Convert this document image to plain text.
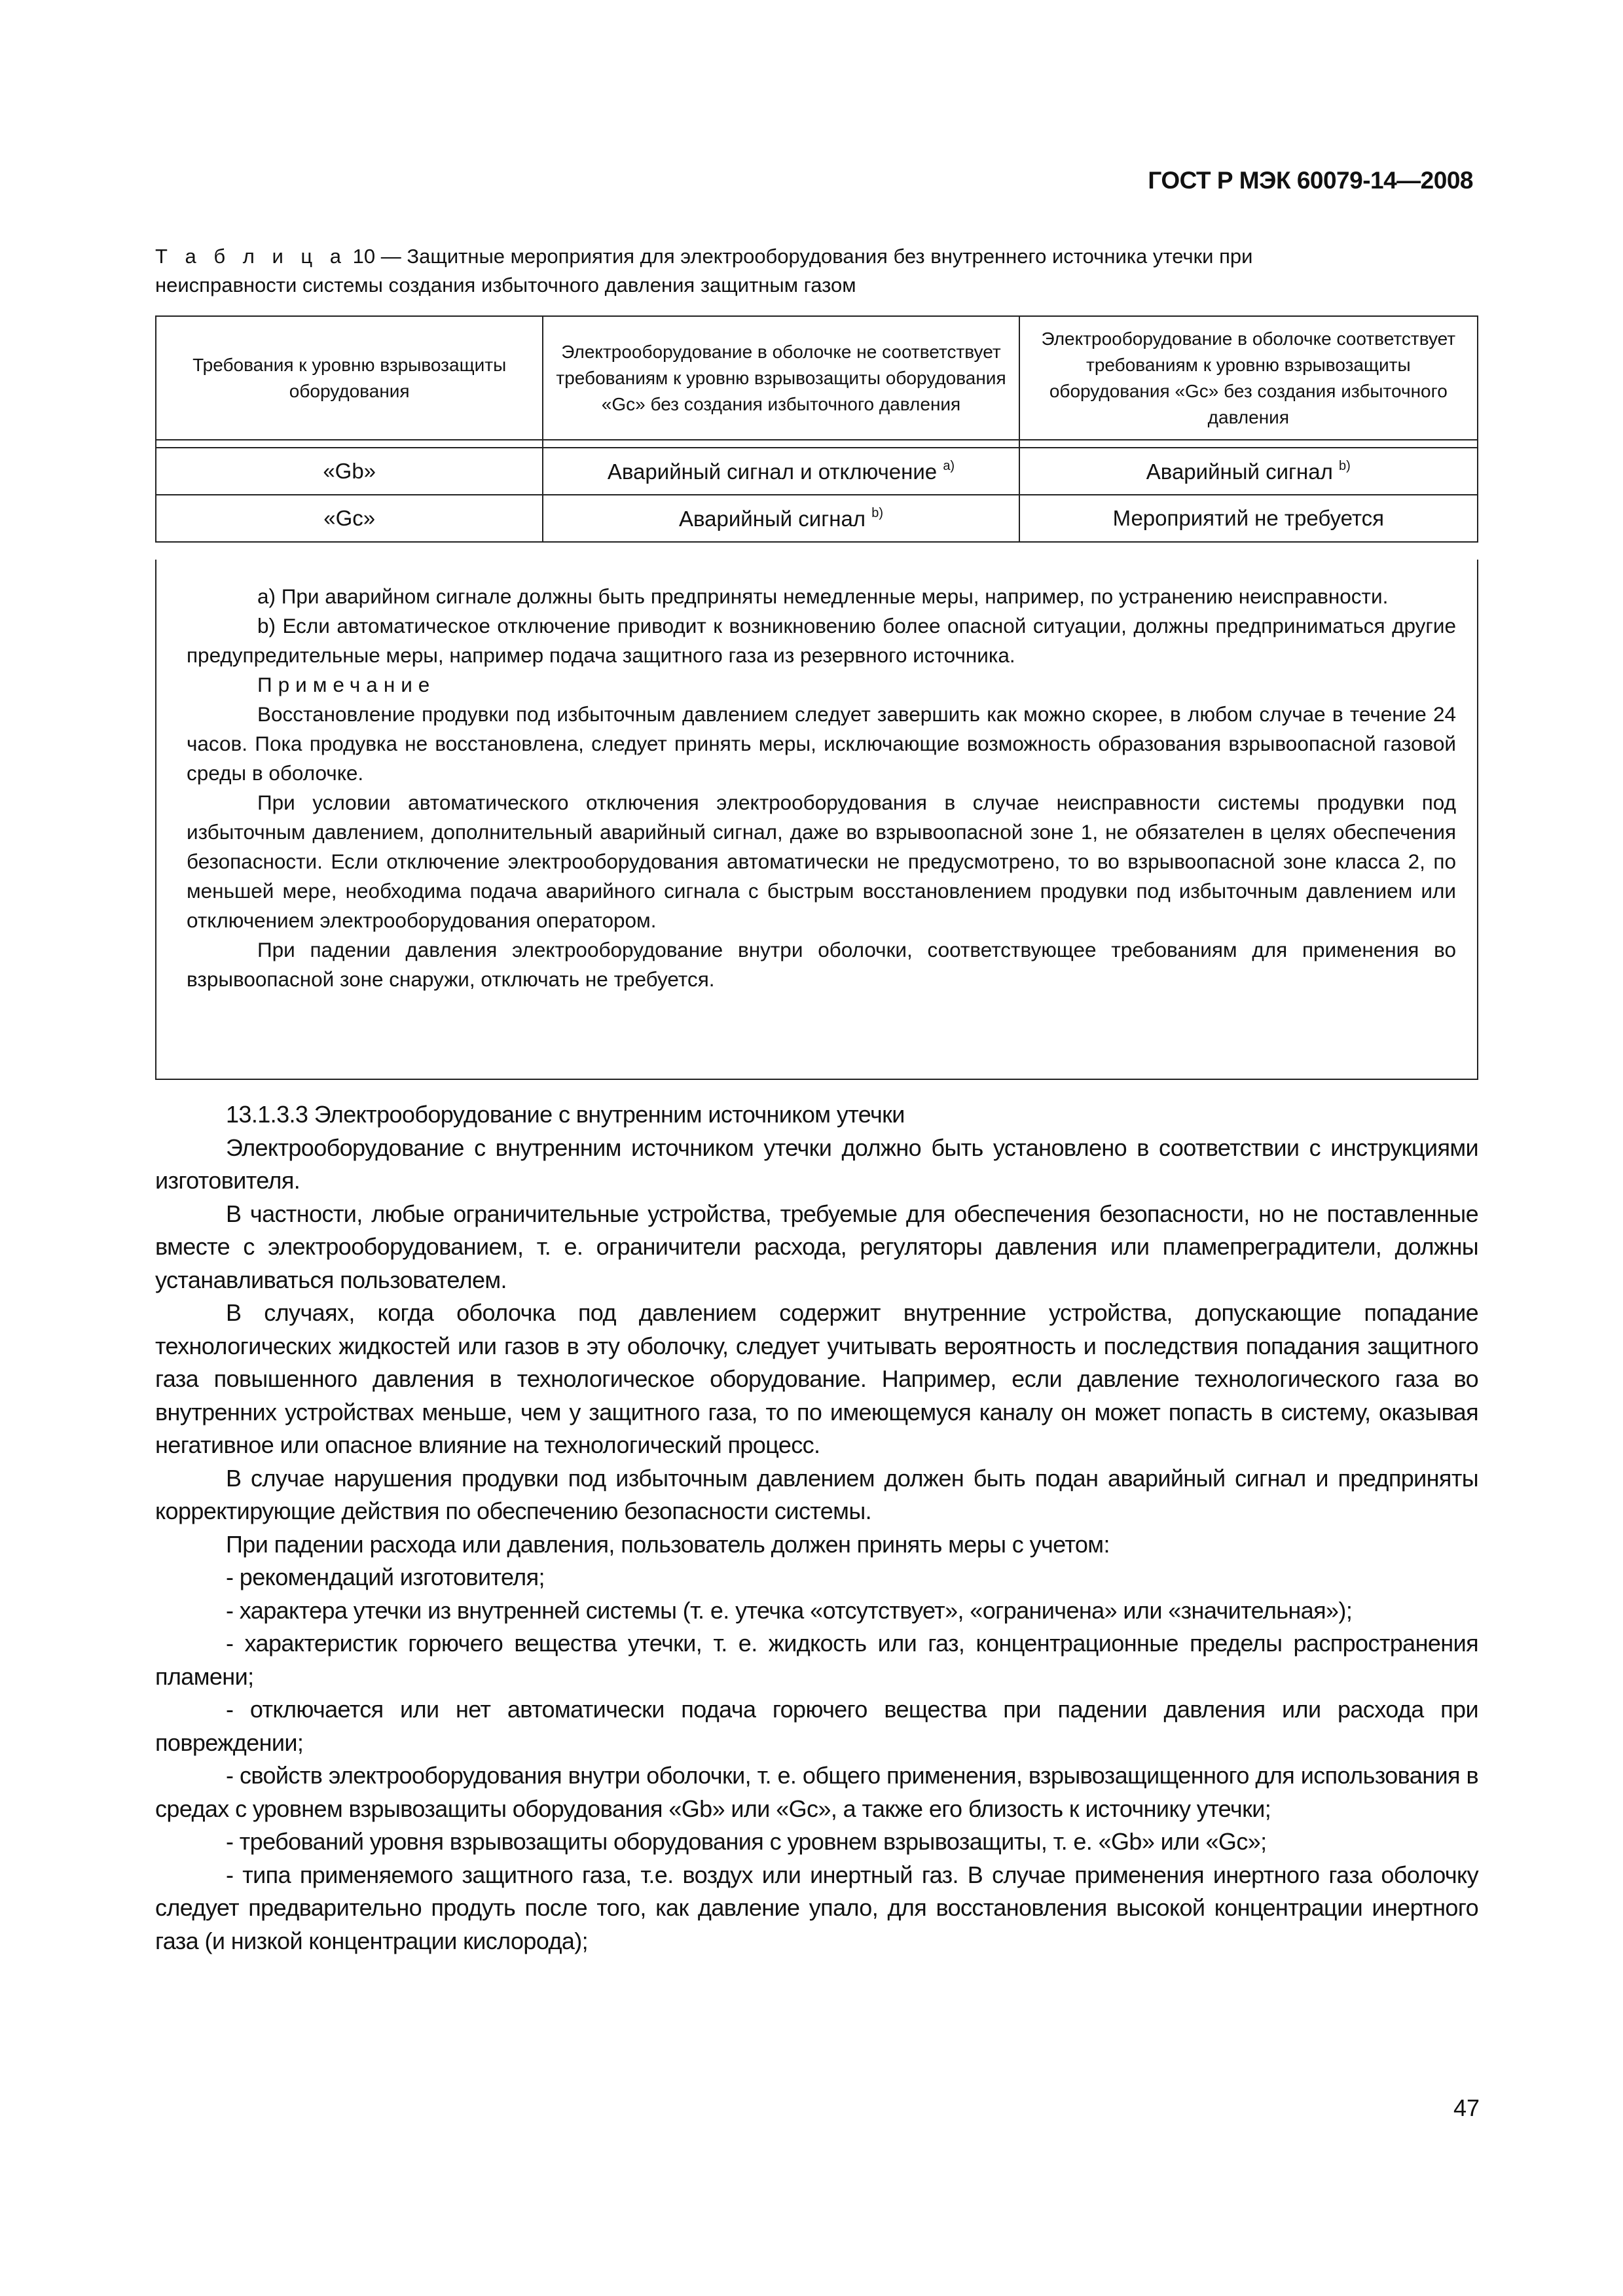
ГОСТ Р МЭК 60079-14—2008
Т а б л и ц а 10 — Защитные мероприятия для электрооборудования без внутреннего источника утечки при
неисправности системы создания избыточного давления защитным газом
Требования к уровню взрывозащиты оборудования	Электрооборудование в оболочке не соответствует требованиям к уровню взрывозащиты оборудования «Gc» без создания избыточного давления	Электрооборудование в оболочке соответствует требованиям к уровню взрывозащиты оборудования «Gc» без создания избыточного давления

«Gb»	Аварийный сигнал и отключение $^{a)}$	Аварийный сигнал $^{b)}$
«Gc»	Аварийный сигнал $^{b)}$	Мероприятий не требуется

а) При аварийном сигнале должны быть предприняты немедленные меры, например, по устранению неисправности.

b) Если автоматическое отключение приводит к возникновению более опасной ситуации, должны предприниматься другие предупредительные меры, например подача защитного газа из резервного источника.

Примечание

Восстановление продувки под избыточным давлением следует завершить как можно скорее, в любом случае в течение 24 часов. Пока продувка не восстановлена, следует принять меры, исключающие возможность образования взрывоопасной газовой среды в оболочке.

При условии автоматического отключения электрооборудования в случае неисправности системы продувки под избыточным давлением, дополнительный аварийный сигнал, даже во взрывоопасной зоне 1, не обязателен в целях обеспечения безопасности. Если отключение электрооборудования автоматически не предусмотрено, то во взрывоопасной зоне класса 2, по меньшей мере, необходима подача аварийного сигнала с быстрым восстановлением продувки под избыточным давлением или отключением электрооборудования оператором.

При падении давления электрооборудование внутри оболочки, соответствующее требованиям для применения во взрывоопасной зоне снаружи, отключать не требуется.

13.1.3.3 Электрооборудование с внутренним источником утечки

Электрооборудование с внутренним источником утечки должно быть установлено в соответствии с инструкциями изготовителя.

В частности, любые ограничительные устройства, требуемые для обеспечения безопасности, но не поставленные вместе с электрооборудованием, т. е. ограничители расхода, регуляторы давления или пламепреградители, должны устанавливаться пользователем.

В случаях, когда оболочка под давлением содержит внутренние устройства, допускающие попадание технологических жидкостей или газов в эту оболочку, следует учитывать вероятность и последствия попадания защитного газа повышенного давления в технологическое оборудование. Например, если давление технологического газа во внутренних устройствах меньше, чем у защитного газа, то по имеющемуся каналу он может попасть в систему, оказывая негативное или опасное влияние на технологический процесс.

В случае нарушения продувки под избыточным давлением должен быть подан аварийный сигнал и предприняты корректирующие действия по обеспечению безопасности системы.

При падении расхода или давления, пользователь должен принять меры с учетом:

- рекомендаций изготовителя;

- характера утечки из внутренней системы (т. е. утечка «отсутствует», «ограничена» или «значительная»);

- характеристик горючего вещества утечки, т. е. жидкость или газ, концентрационные пределы распространения пламени;

- отключается или нет автоматически подача горючего вещества при падении давления или расхода при повреждении;

- свойств электрооборудования внутри оболочки, т. е. общего применения, взрывозащищенного для использования в средах с уровнем взрывозащиты оборудования «Gb» или «Gc», а также его близость к источнику утечки;

- требований уровня взрывозащиты оборудования с уровнем взрывозащиты, т. е. «Gb» или «Gc»;

- типа применяемого защитного газа, т.е. воздух или инертный газ. В случае применения инертного газа оболочку следует предварительно продуть после того, как давление упало, для восстановления высокой концентрации инертного газа (и низкой концентрации кислорода);

47
